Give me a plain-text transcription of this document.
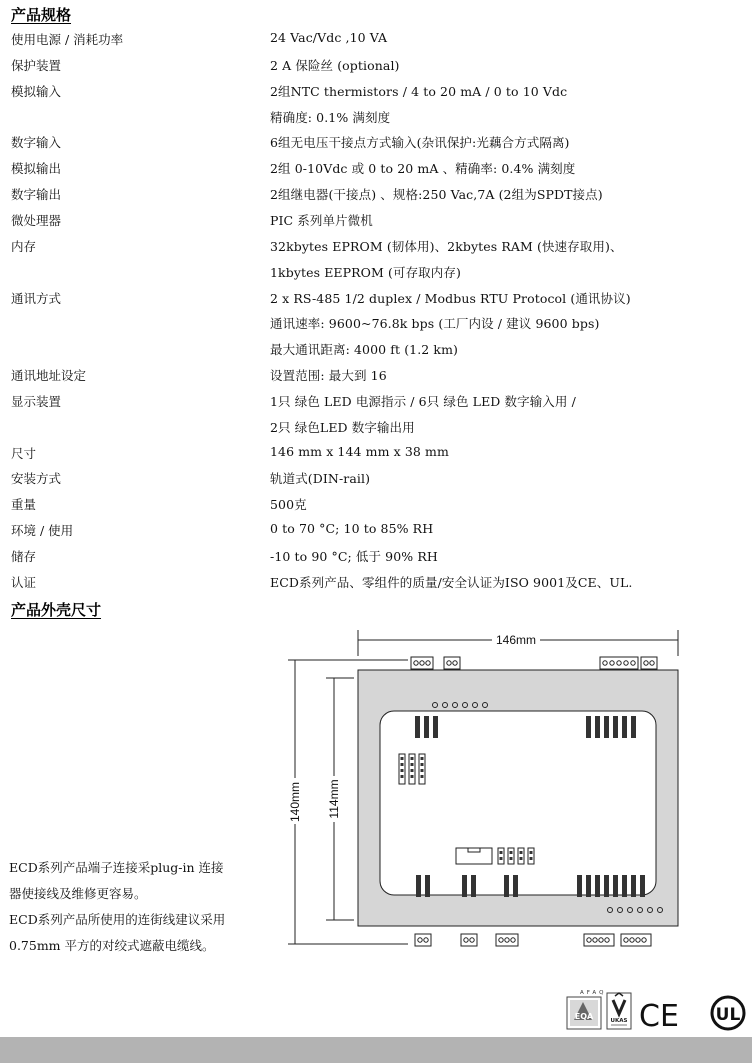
产品规格
使用电源 / 消耗功率	24 Vac/Vdc ,10 VA
保护装置	2 A 保险丝 (optional)
模拟输入	2组NTC thermistors / 4 to 20 mA / 0 to 10 Vdc
精确度: 0.1% 满刻度
数字输入	6组无电压干接点方式输入(杂讯保护:光藕合方式隔离)
模拟输出	2组 0-10Vdc 或 0 to 20 mA 、精确率: 0.4% 满刻度
数字输出	2组继电器(干接点) 、规格:250 Vac,7A (2组为SPDT接点)
微处理器	PIC 系列单片微机
内存	32kbytes EPROM (韧体用)、2kbytes RAM (快速存取用)、
1kbytes EEPROM (可存取内存)
通讯方式	2 x RS-485 1/2 duplex / Modbus RTU Protocol (通讯协议)
通讯速率: 9600~76.8k bps (工厂内设 / 建议 9600 bps)
最大通讯距离: 4000 ft (1.2 km)
通讯地址设定	设置范围: 最大到 16
显示装置	1只 绿色 LED 电源指示 / 6只 绿色 LED 数字输入用 /
2只 绿色LED 数字输出用
尺寸	146 mm x 144 mm x 38 mm
安装方式	轨道式(DIN-rail)
重量	500克
环境 / 使用	0 to 70 °C; 10 to 85% RH
储存	-10 to 90 °C; 低于 90% RH
认证	ECD系列产品、零组件的质量/安全认证为ISO 9001及CE、UL.
产品外壳尺寸
146mm
140mm 114mm
ECD系列产品端子连接采plug-in 连接
器使接线及维修更容易。
ECD系列产品所使用的连街线建议采用
0.75mm 平方的对绞式遮蔽电缆线。
AFAQ
EQA	UKAS CE UL
